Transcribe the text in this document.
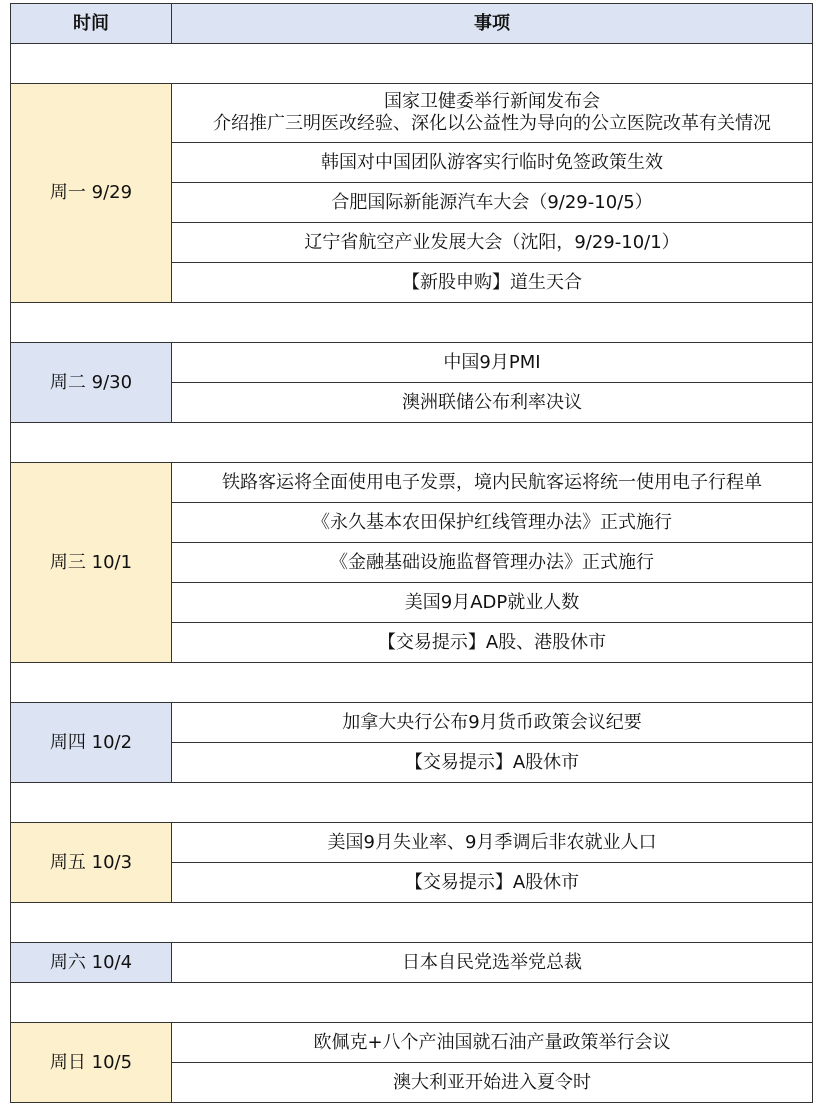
时间	事项

周一 9/29	国家卫健委举行新闻发布会
介绍推广三明医改经验、深化以公益性为导向的公立医院改革有关情况

	韩国对中国团队游客实行临时免签政策生效

	合肥国际新能源汽车大会（9/29-10/5）

	辽宁省航空产业发展大会（沈阳，9/29-10/1）

	【新股申购】道生天合

周二 9/30	中国9月PMI

	澳洲联储公布利率决议

周三 10/1	铁路客运将全面使用电子发票，境内民航客运将统一使用电子行程单

	《永久基本农田保护红线管理办法》正式施行

	《金融基础设施监督管理办法》正式施行

	美国9月ADP就业人数

	【交易提示】A股、港股休市

周四 10/2	加拿大央行公布9月货币政策会议纪要

	【交易提示】A股休市

周五 10/3	美国9月失业率、9月季调后非农就业人口

	【交易提示】A股休市

周六 10/4	日本自民党选举党总裁

周日 10/5	欧佩克+八个产油国就石油产量政策举行会议

	澳大利亚开始进入夏令时
